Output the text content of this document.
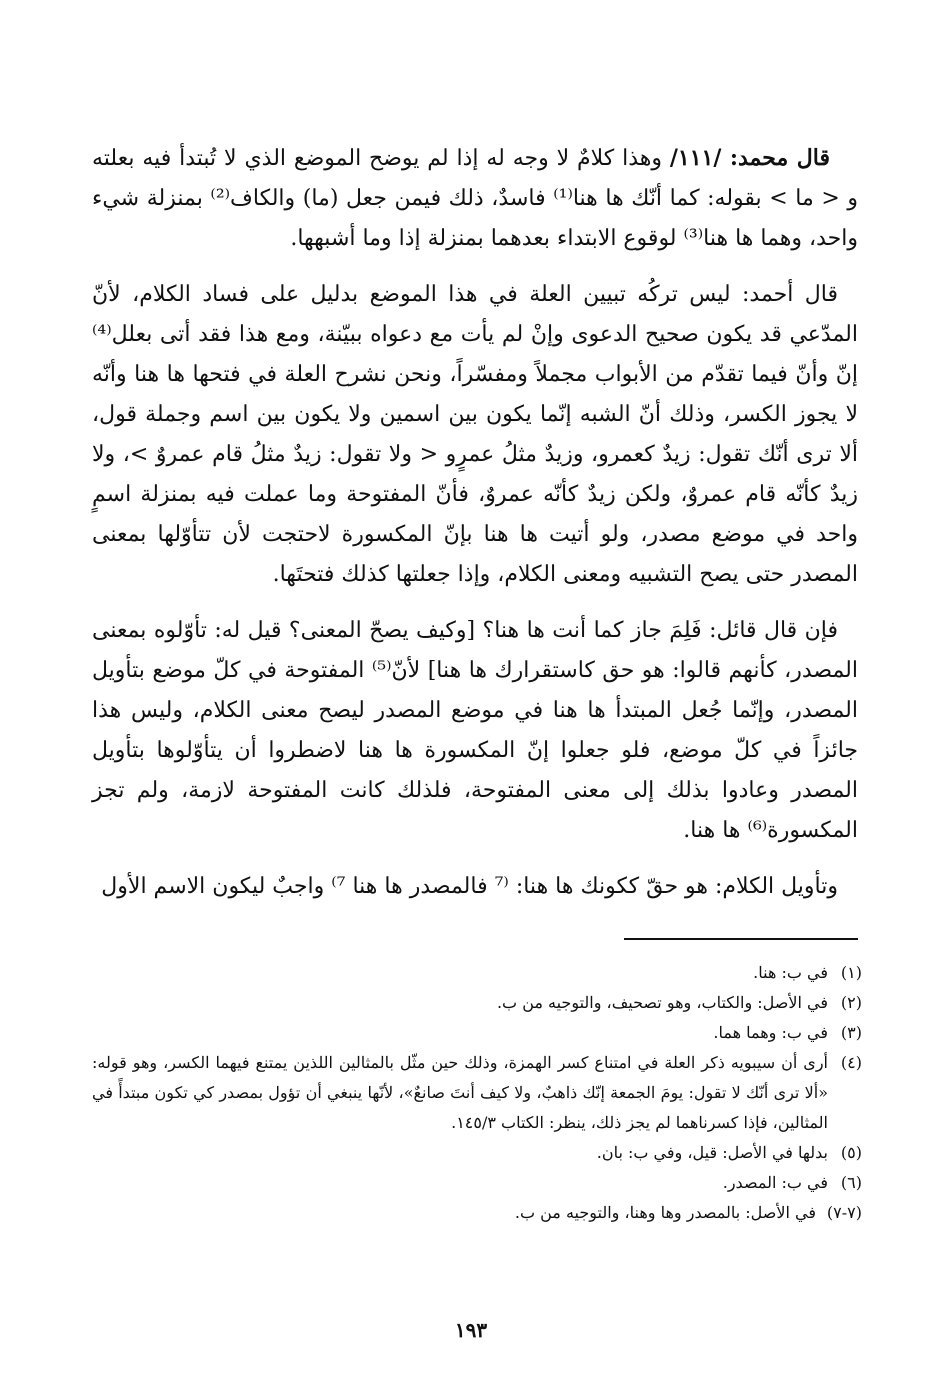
قال محمد: /١١١/ وهذا كلامٌ لا وجه له إذا لم يوضح الموضع الذي لا تُبتدأ فيه بعلته و < ما > بقوله: كما أنّك ها هنا⁽¹⁾ فاسدٌ، ذلك فيمن جعل (ما) والكاف⁽²⁾ بمنزلة شيء واحد، وهما ها هنا⁽³⁾ لوقوع الابتداء بعدهما بمنزلة إذا وما أشبهها.

قال أحمد: ليس تركُه تبيين العلة في هذا الموضع بدليل على فساد الكلام، لأنّ المدّعي قد يكون صحيح الدعوى وإنْ لم يأت مع دعواه ببيّنة، ومع هذا فقد أتى بعلل⁽⁴⁾ إنّ وأنّ فيما تقدّم من الأبواب مجملاً ومفسّراً، ونحن نشرح العلة في فتحها ها هنا وأنّه لا يجوز الكسر، وذلك أنّ الشبه إنّما يكون بين اسمين ولا يكون بين اسم وجملة قول، ألا ترى أنّك تقول: زيدٌ كعمرو، وزيدٌ مثلُ عمرٍو < ولا تقول: زيدٌ مثلُ قام عمروٌ >، ولا زيدٌ كأنّه قام عمروٌ، ولكن زيدٌ كأنّه عمروٌ، فأنّ المفتوحة وما عملت فيه بمنزلة اسمٍ واحد في موضع مصدر، ولو أتيت ها هنا بإنّ المكسورة لاحتجت لأن تتأوّلها بمعنى المصدر حتى يصح التشبيه ومعنى الكلام، وإذا جعلتها كذلك فتحتَها.

فإن قال قائل: فَلِمَ جاز كما أنت ها هنا؟ [وكيف يصحّ المعنى؟ قيل له: تأوّلوه بمعنى المصدر، كأنهم قالوا: هو حق كاستقرارك ها هنا] لأنّ⁽⁵⁾ المفتوحة في كلّ موضع بتأويل المصدر، وإنّما جُعل المبتدأ ها هنا في موضع المصدر ليصح معنى الكلام، وليس هذا جائزاً في كلّ موضع، فلو جعلوا إنّ المكسورة ها هنا لاضطروا أن يتأوّلوها بتأويل المصدر وعادوا بذلك إلى معنى المفتوحة، فلذلك كانت المفتوحة لازمة، ولم تجز المكسورة⁽⁶⁾ ها هنا.

وتأويل الكلام: هو حقّ ككونك ها هنا: ⁽⁷ فالمصدر ها هنا ⁷⁾ واجبٌ ليكون الاسم الأول

(١)
في ب: هنا.

(٢)
في الأصل: والكتاب، وهو تصحيف، والتوجيه من ب.

(٣)
في ب: وهما هما.

(٤)
أرى أن سيبويه ذكر العلة في امتناع كسر الهمزة، وذلك حين مثّل بالمثالين اللذين يمتنع فيهما الكسر، وهو قوله: «ألا ترى أنّك لا تقول: يومَ الجمعة إنّك ذاهبٌ، ولا كيف أنتَ صانعٌ»، لأنّها ينبغي أن تؤول بمصدر كي تكون مبتدأً في المثالين، فإذا كسرناهما لم يجز ذلك، ينظر: الكتاب ١٤٥/٣.

(٥)
بدلها في الأصل: قيل، وفي ب: بان.

(٦)
في ب: المصدر.

(٧-٧)
في الأصل: بالمصدر وها وهنا، والتوجيه من ب.

١٩٣
